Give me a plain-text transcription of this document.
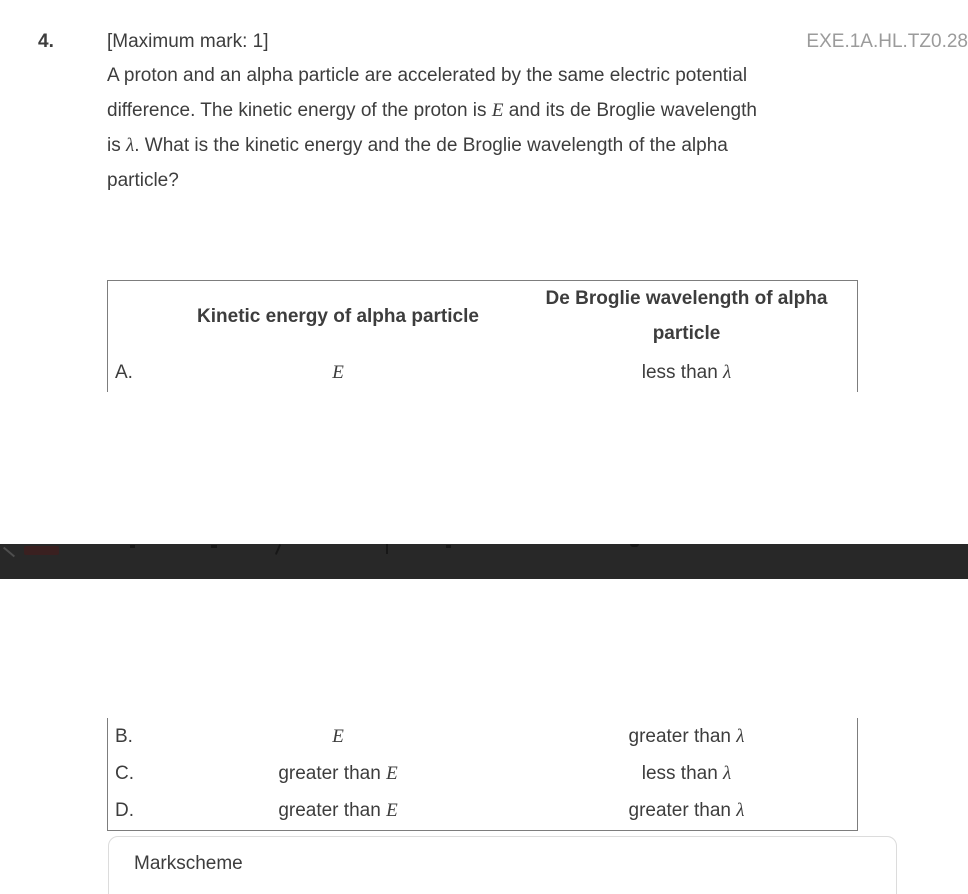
4.	[Maximum mark: 1]	EXE.1A.HL.TZ0.28
A proton and an alpha particle are accelerated by the same electric potential
difference. The kinetic energy of the proton is E and its de Broglie wavelength
is λ. What is the kinetic energy and the de Broglie wavelength of the alpha
particle?
Kinetic energy of alpha particle
De Broglie wavelength of alpha
particle
A.	E	less than λ
B.	E	greater than λ
C.	greater than E	less than λ
D.	greater than E	greater than λ
Markscheme
